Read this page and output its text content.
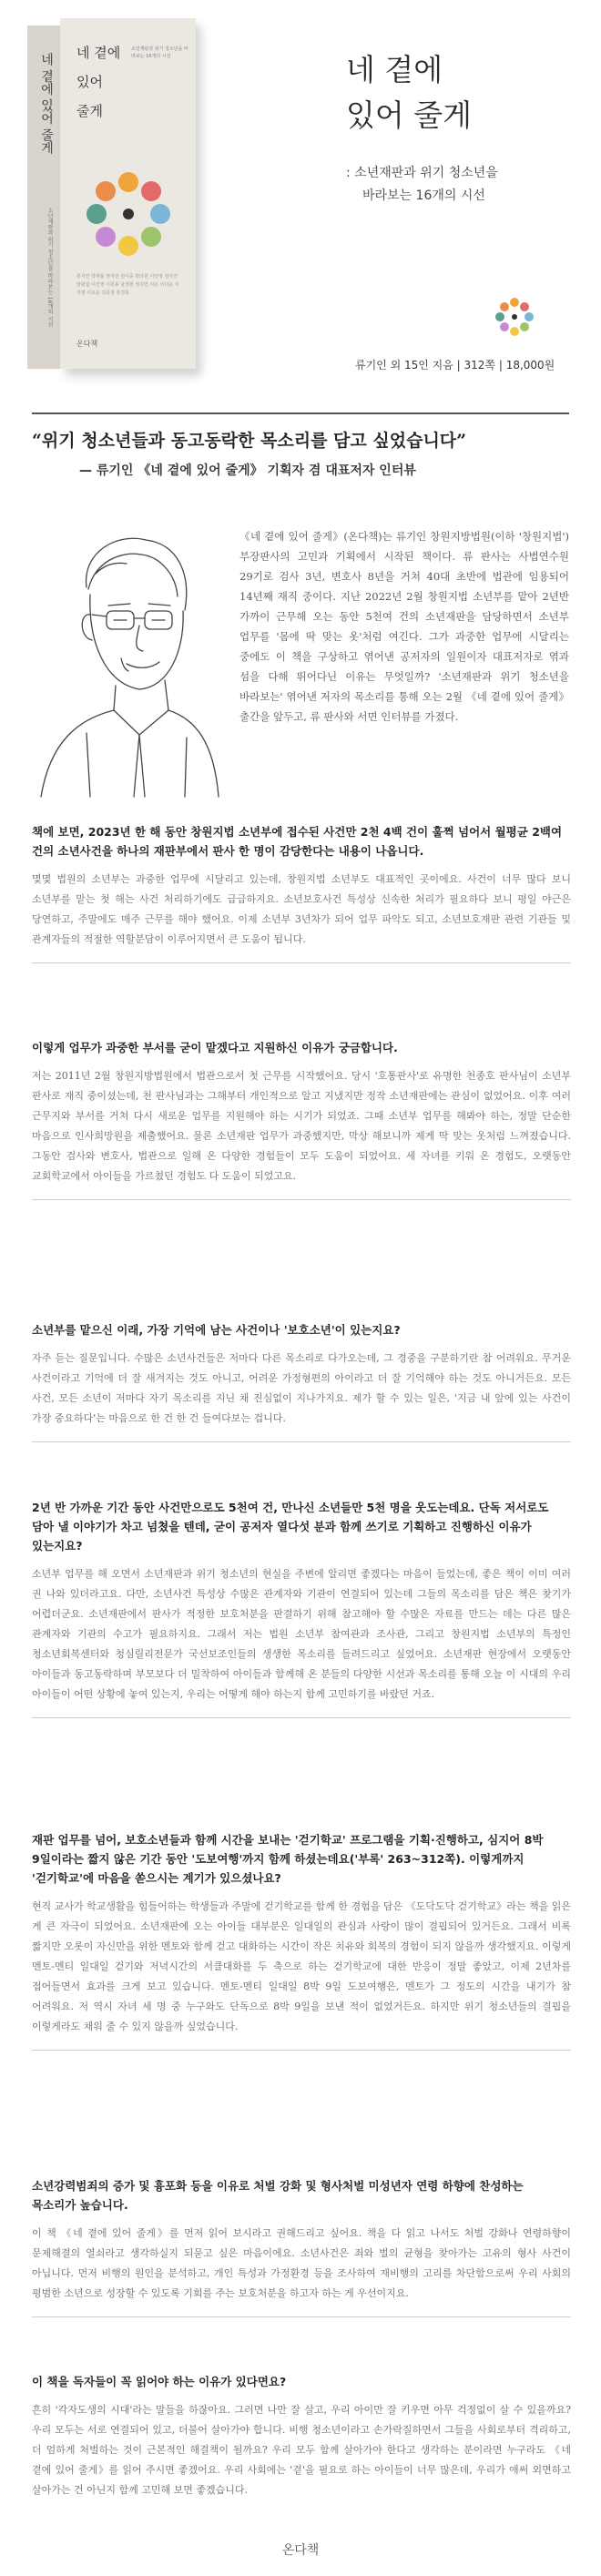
네 곁에 있어 줄게
소년재판과 위기 청소년을 바라보는 16개의 시선
네 곁에
있어
줄게
소년재판과 위기 청소년을 바라보는 16개의 시선
류기인 박재홍 천지민 김이중 박다원 이인영 김아인 양광섭 이진영 이원용 남정현 권지연 지은 이다운 이지영 이오운 김종철 류경록
온다책
네 곁에
있어 줄게
: 소년재판과 위기 청소년을
바라보는 16개의 시선
류기인 외 15인 지음 | 312쪽 | 18,000원
“위기 청소년들과 동고동락한 목소리를 담고 싶었습니다”
— 류기인 《네 곁에 있어 줄게》 기획자 겸 대표저자 인터뷰

《네 곁에 있어 줄게》(온다책)는 류기인 창원지방법원(이하 '창원지법') 부장판사의 고민과 기획에서 시작된 책이다. 류 판사는 사법연수원 29기로 검사 3년, 변호사 8년을 거쳐 40대 초반에 법관에 임용되어 14년째 재직 중이다. 지난 2022년 2월 창원지법 소년부를 맡아 2년반 가까이 근무해 오는 동안 5천여 건의 소년재판을 담당하면서 소년부 업무를 '몸에 딱 맞는 옷'처럼 여긴다. 그가 과중한 업무에 시달리는 중에도 이 책을 구상하고 엮어낸 공저자의 일원이자 대표저자로 엮과 섬을 다해 뛰어다닌 이유는 무엇일까? '소년재판과 위기 청소년을 바라보는' 엮어낸 저자의 목소리를 통해 오는 2월 《네 곁에 있어 줄게》 출간을 앞두고, 류 판사와 서면 인터뷰를 가졌다.

책에 보면, 2023년 한 해 동안 창원지법 소년부에 접수된 사건만 2천 4백 건이 훌쩍 넘어서 월평균 2백여 건의 소년사건을 하나의 재판부에서 판사 한 명이 감당한다는 내용이 나옵니다.

몇몇 법원의 소년부는 과중한 업무에 시달리고 있는데, 창원지법 소년부도 대표적인 곳이에요. 사건이 너무 많다 보니 소년부를 맡는 첫 해는 사건 처리하기에도 급급하지요. 소년보호사건 특성상 신속한 처리가 필요하다 보니 평일 야근은 당연하고, 주말에도 매주 근무를 해야 했어요. 이제 소년부 3년차가 되어 업무 파악도 되고, 소년보호재판 관련 기관들 및 관계자들의 적절한 역할분담이 이루어지면서 큰 도움이 됩니다.

이렇게 업무가 과중한 부서를 굳이 맡겠다고 지원하신 이유가 궁금합니다.

저는 2011년 2월 창원지방법원에서 법관으로서 첫 근무를 시작했어요. 당시 '호통판사'로 유명한 천종호 판사님이 소년부 판사로 재직 중이셨는데, 천 판사님과는 그해부터 개인적으로 알고 지냈지만 정작 소년재판에는 관심이 없었어요. 이후 여러 근무지와 부서를 거쳐 다시 새로운 업무를 지원해야 하는 시기가 되었죠. 그때 소년부 업무를 해봐야 하는, 정말 단순한 마음으로 인사희망원을 제출했어요. 물론 소년재판 업무가 과중했지만, 막상 해보니까 제게 딱 맞는 옷처럼 느껴졌습니다. 그동안 검사와 변호사, 법관으로 일해 온 다양한 경험들이 모두 도움이 되었어요. 세 자녀를 키워 온 경험도, 오랫동안 교회학교에서 아이들을 가르쳤던 경험도 다 도움이 되었고요.

소년부를 맡으신 이래, 가장 기억에 남는 사건이나 '보호소년'이 있는지요?

자주 듣는 질문입니다. 수많은 소년사건들은 저마다 다른 목소리로 다가오는데, 그 경중을 구분하기란 참 어려워요. 무거운 사건이라고 기억에 더 잘 새겨지는 것도 아니고, 어려운 가정형편의 아이라고 더 잘 기억해야 하는 것도 아니거든요. 모든 사건, 모든 소년이 저마다 자기 목소리를 지닌 채 진심없이 지나가지요. 제가 할 수 있는 일은, '지금 내 앞에 있는 사건이 가장 중요하다'는 마음으로 한 건 한 건 들여다보는 겁니다.

2년 반 가까운 기간 동안 사건만으로도 5천여 건, 만나신 소년들만 5천 명을 웃도는데요. 단독 저서로도 담아 낼 이야기가 차고 넘쳤을 텐데, 굳이 공저자 열다섯 분과 함께 쓰기로 기획하고 진행하신 이유가 있는지요?

소년부 업무를 해 오면서 소년재판과 위기 청소년의 현실을 주변에 알리면 좋겠다는 마음이 들었는데, 좋은 책이 이미 여러 권 나와 있더라고요. 다만, 소년사건 특성상 수많은 관계자와 기관이 연결되어 있는데 그들의 목소리를 담은 책은 찾기가 어렵더군요. 소년재판에서 판사가 적정한 보호처분을 판결하기 위해 참고해야 할 수많은 자료를 만드는 데는 다른 많은 관계자와 기관의 수고가 필요하지요. 그래서 저는 법원 소년부 참여관과 조사관, 그리고 창원지법 소년부의 특정인 청소년회복센터와 청심릴리전문가 국선보조인들의 생생한 목소리를 들려드리고 싶었어요. 소년재판 현장에서 오랫동안 아이들과 동고동락하며 부모보다 더 밀착하여 아이들과 함께해 온 분들의 다양한 시선과 목소리를 통해 오늘 이 시대의 우리 아이들이 어떤 상황에 놓여 있는지, 우리는 어떻게 해야 하는지 함께 고민하기를 바랐던 거죠.

재판 업무를 넘어, 보호소년들과 함께 시간을 보내는 '걷기학교' 프로그램을 기획·진행하고, 심지어 8박 9일이라는 짧지 않은 기간 동안 '도보여행'까지 함께 하셨는데요('부록' 263~312쪽). 이렇게까지 '걷기학교'에 마음을 쏟으시는 계기가 있으셨나요?

현직 교사가 학교생활을 힘들어하는 학생들과 주말에 걷기학교를 함께 한 경험을 담은 《도닥도닥 걷기학교》라는 책을 읽은 게 큰 자극이 되었어요. 소년재판에 오는 아이들 대부분은 일대일의 관심과 사랑이 많이 결핍되어 있거든요. 그래서 비록 짧지만 오롯이 자신만을 위한 멘토와 함께 걷고 대화하는 시간이 작은 치유와 회복의 경험이 되지 않을까 생각했지요. 이렇게 멘토-멘티 일대일 걷기와 저녁시간의 서클대화를 두 축으로 하는 걷기학교에 대한 반응이 정말 좋았고, 이제 2년차를 접어들면서 효과를 크게 보고 있습니다. 멘토-멘티 일대일 8박 9일 도보여행은, 멘토가 그 정도의 시간을 내기가 참 어려워요. 저 역시 자녀 세 명 중 누구와도 단독으로 8박 9일을 보낸 적이 없었거든요. 하지만 위기 청소년들의 결핍을 이렇게라도 채워 줄 수 있지 않을까 싶었습니다.

소년강력범죄의 증가 및 흉포화 등을 이유로 처벌 강화 및 형사처벌 미성년자 연령 하향에 찬성하는 목소리가 높습니다.

이 책 《네 곁에 있어 줄게》를 먼저 읽어 보시라고 권해드리고 싶어요. 책을 다 읽고 나서도 처벌 강화나 연령하향이 문제해결의 열쇠라고 생각하실지 되묻고 싶은 마음이에요. 소년사건은 죄와 벌의 균형을 찾아가는 고유의 형사 사건이 아닙니다. 먼저 비행의 원인을 분석하고, 개인 특성과 가정환경 등을 조사하여 재비행의 고리를 차단함으로써 우리 사회의 평범한 소년으로 성장할 수 있도록 기회를 주는 보호처분을 하고자 하는 게 우선이지요.

이 책을 독자들이 꼭 읽어야 하는 이유가 있다면요?

흔히 '각자도생의 시대'라는 말들을 하잖아요. 그러면 나만 잘 살고, 우리 아이만 잘 키우면 아무 걱정없이 살 수 있을까요? 우리 모두는 서로 연결되어 있고, 더불어 살아가야 합니다. 비행 청소년이라고 손가락질하면서 그들을 사회로부터 격리하고, 더 엄하게 처벌하는 것이 근본적인 해결책이 될까요? 우리 모두 함께 살아가야 한다고 생각하는 분이라면 누구라도 《네 곁에 있어 줄게》를 읽어 주시면 좋겠어요. 우리 사회에는 '곁'을 필요로 하는 아이들이 너무 많은데, 우리가 애써 외면하고 살아가는 건 아닌지 함께 고민해 보면 좋겠습니다.

온다책
